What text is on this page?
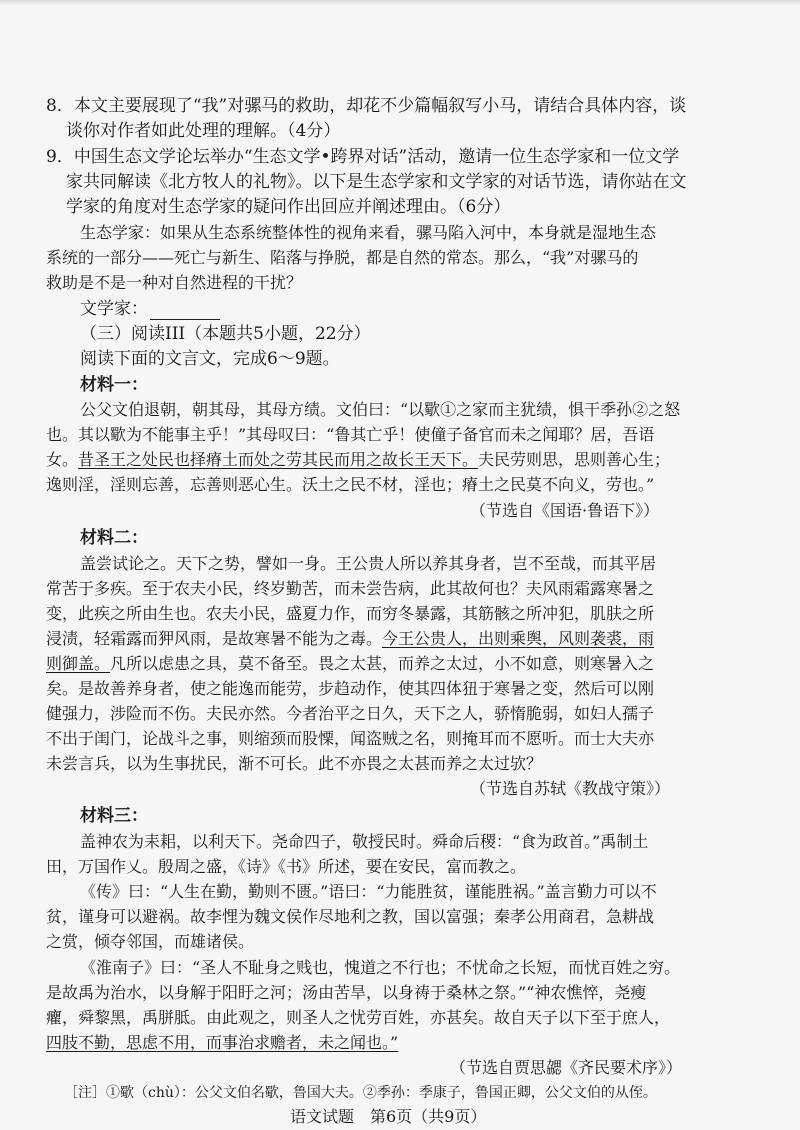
8．本文主要展现了“我”对骡马的救助，却花不少篇幅叙写小马，请结合具体内容，谈
谈你对作者如此处理的理解。（4分）
9．中国生态文学论坛举办“生态文学•跨界对话”活动，邀请一位生态学家和一位文学
家共同解读《北方牧人的礼物》。以下是生态学家和文学家的对话节选，请你站在文
学家的角度对生态学家的疑问作出回应并阐述理由。（6分）
生态学家：如果从生态系统整体性的视角来看，骡马陷入河中，本身就是湿地生态
系统的一部分——死亡与新生、陷落与挣脱，都是自然的常态。那么，“我”对骡马的
救助是不是一种对自然进程的干扰？
文学家：
（三）阅读III（本题共5小题，22分）
阅读下面的文言文，完成6～9题。
材料一：
公父文伯退朝，朝其母，其母方绩。文伯曰：“以歜①之家而主犹绩，惧干季孙②之怒
也。其以歜为不能事主乎！”其母叹曰：“鲁其亡乎！使僮子备官而未之闻耶？居，吾语
女。昔圣王之处民也择瘠土而处之劳其民而用之故长王天下。夫民劳则思，思则善心生；
逸则淫，淫则忘善，忘善则恶心生。沃土之民不材，淫也；瘠土之民莫不向义，劳也。”
（节选自《国语·鲁语下》）
材料二：
盖尝试论之。天下之势，譬如一身。王公贵人所以养其身者，岂不至哉，而其平居
常苦于多疾。至于农夫小民，终岁勤苦，而未尝告病，此其故何也？夫风雨霜露寒暑之
变，此疾之所由生也。农夫小民，盛夏力作，而穷冬暴露，其筋骸之所冲犯，肌肤之所
浸渍，轻霜露而狎风雨，是故寒暑不能为之毒。今王公贵人，出则乘舆，风则袭裘，雨
则御盖。凡所以虑患之具，莫不备至。畏之太甚，而养之太过，小不如意，则寒暑入之
矣。是故善养身者，使之能逸而能劳，步趋动作，使其四体狃于寒暑之变，然后可以刚
健强力，涉险而不伤。夫民亦然。今者治平之日久，天下之人，骄惰脆弱，如妇人孺子
不出于闺门，论战斗之事，则缩颈而股慄，闻盗贼之名，则掩耳而不愿听。而士大夫亦
未尝言兵，以为生事扰民，渐不可长。此不亦畏之太甚而养之太过欤？
（节选自苏轼《教战守策》）
材料三：
盖神农为耒耜，以利天下。尧命四子，敬授民时。舜命后稷：“食为政首。”禹制土
田，万国作乂。殷周之盛，《诗》《书》所述，要在安民，富而教之。
《传》曰：“人生在勤，勤则不匮。”语曰：“力能胜贫，谨能胜祸。”盖言勤力可以不
贫，谨身可以避祸。故李悝为魏文侯作尽地利之教，国以富强；秦孝公用商君，急耕战
之赏，倾夺邻国，而雄诸侯。
《淮南子》曰：“圣人不耻身之贱也，愧道之不行也；不忧命之长短，而忧百姓之穷。
是故禹为治水，以身解于阳盱之河；汤由苦旱，以身祷于桑林之祭。”“神农憔悴，尧瘦
癯，舜黎黑，禹胼胝。由此观之，则圣人之忧劳百姓，亦甚矣。故自天子以下至于庶人，
四肢不勤，思虑不用，而事治求赡者，未之闻也。”
（节选自贾思勰《齐民要术序》）
［注］①歜（chù）：公父文伯名歜，鲁国大夫。②季孙：季康子，鲁国正卿，公父文伯的从侄。
语文试题　第6页（共9页）
